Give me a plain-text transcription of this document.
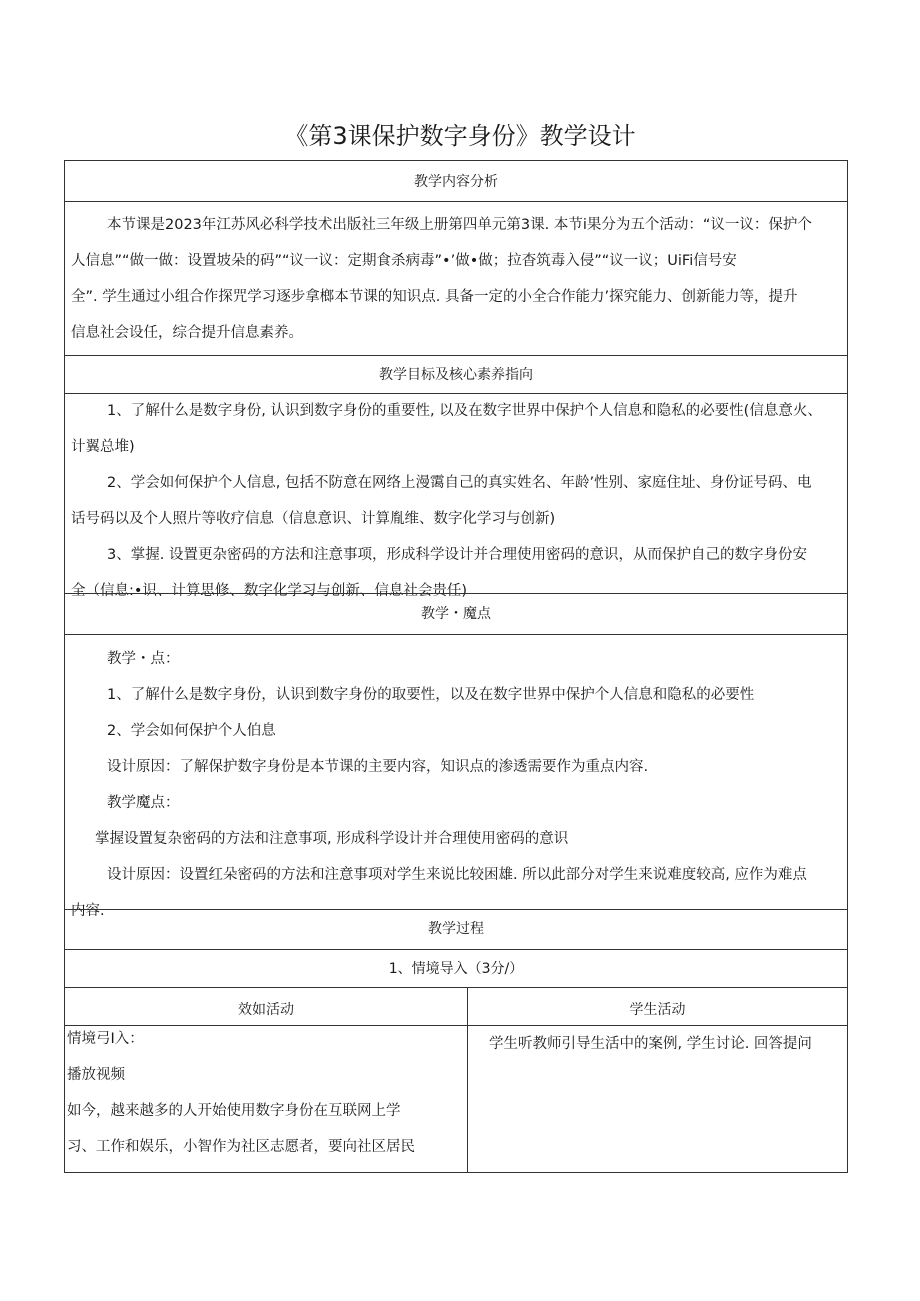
《第3课保护数字身份》教学设计
教学内容分析
本节课是2023年江苏风必科学技术出版社三年级上册第四单元第3课. 本节i果分为五个活动：“议一议：保护个
人信息”“做一做：设置坡朵的码”“议一议：定期食杀病毒”•’做•做；拉杳筑毒入侵”“议一议；UiFi信号安
全”. 学生通过小组合作探咒学习逐步拿榔本节课的知识点. 具备一定的小全合作能力’探究能力、创新能力等，提升
信息社会设任，综合提升信息素养。
教学目标及核心素养指向
1、了解什么是数字身份, 认识到数字身份的重要性, 以及在数字世界中保护个人信息和隐私的必要性(信息意火、
计翼总堆)
2、学会如何保护个人信息, 包括不防意在网络上漫霭自己的真实姓名、年龄’性别、家庭住址、身份证号码、电
话号码以及个人照片等收疗信息（信息意识、计算胤维、数字化学习与创新)
3、掌握. 设置更杂密码的方法和注意事项，形成科学设计并合理使用密码的意识，从而保护自己的数字身份安
全（信息:•识、计算思修、数字化学习与创新、信息社会贵任)
教学・魔点
教学・点：
1、了解什么是数字身份，认识到数字身份的取要性，以及在数字世界中保护个人信息和隐私的必要性
2、学会如何保护个人伯息
设计原因：了解保护数字身份是本节课的主要内容，知识点的渗透需要作为重点内容.
教学魔点：
掌握设置复杂密码的方法和注意事项, 形成科学设计并合理使用密码的意识
设计原因：设置红朵密码的方法和注意事项对学生来说比较困雄. 所以此部分对学生来说难度较高, 应作为难点
内容.
教学过程
1、情境导入（3分/）
效如活动	学生活动
情境弓I入：
播放视频
如今，越来越多的人开始使用数字身份在互联网上学
习、工作和娱乐，小智作为社区志愿者，要向社区居民
学生听教师引导生活中的案例, 学生讨论. 回答提问
